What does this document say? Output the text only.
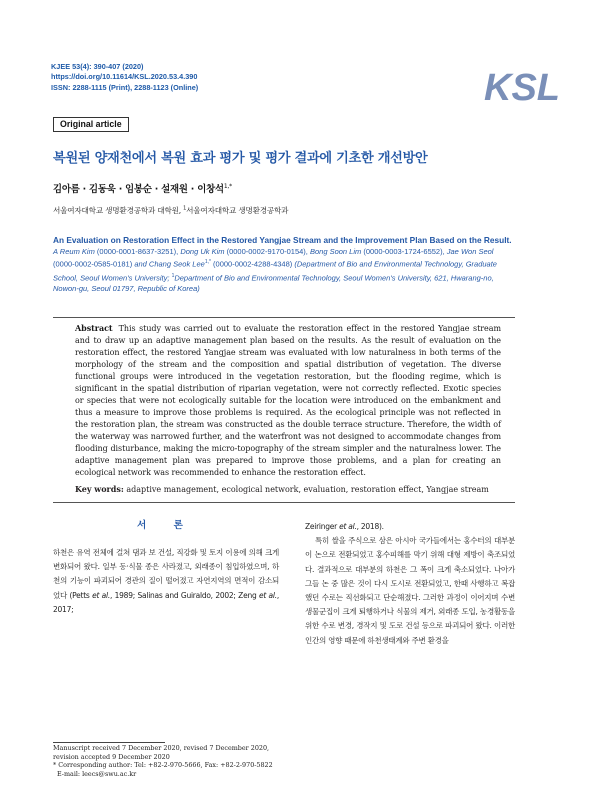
KJEE 53(4): 390-407 (2020)
https://doi.org/10.11614/KSL.2020.53.4.390
ISSN: 2288-1115 (Print), 2288-1123 (Online)	KSL
Original article
복원된 양재천에서 복원 효과 평가 및 평가 결과에 기초한 개선방안
김아름 · 김동욱 · 임봉순 · 설재원 · 이창석$^{1,*}$
서울여자대학교 생명환경공학과 대학원, $^1$서울여자대학교 생명환경공학과
An Evaluation on Restoration Effect in the Restored Yangjae Stream and the Improvement Plan Based on the Result. A Reum Kim (0000-0001-8637-3251), Dong Uk Kim (0000-0002-9170-0154), Bong Soon Lim (0000-0003-1724-6552), Jae Won Seol (0000-0002-0585-0181) and Chang Seok Lee$^{1,*}$ (0000-0002-4288-4348) (Department of Bio and Environmental Technology, Graduate School, Seoul Women's University; $^1$Department of Bio and Environmental Technology, Seoul Women's University, 621, Hwarang-no, Nowon-gu, Seoul 01797, Republic of Korea)
Abstract This study was carried out to evaluate the restoration effect in the restored Yangjae stream and to draw up an adaptive management plan based on the results. As the result of evaluation on the restoration effect, the restored Yangjae stream was evaluated with low naturalness in both terms of the morphology of the stream and the composition and spatial distribution of vegetation. The diverse functional groups were introduced in the vegetation restoration, but the flooding regime, which is significant in the spatial distribution of riparian vegetation, were not correctly reflected. Exotic species or species that were not ecologically suitable for the location were introduced on the embankment and thus a measure to improve those problems is required. As the ecological principle was not reflected in the restoration plan, the stream was constructed as the double terrace structure. Therefore, the width of the waterway was narrowed further, and the waterfront was not designed to accommodate changes from flooding disturbance, making the micro-topography of the stream simpler and the naturalness lower. The adaptive management plan was prepared to improve those problems, and a plan for creating an ecological network was recommended to enhance the restoration effect.
Key words: adaptive management, ecological network, evaluation, restoration effect, Yangjae stream
서 론
하천은 유역 전체에 걸쳐 댐과 보 건설, 직강화 및 토지 이용에 의해 크게 변화되어 왔다. 일부 동·식물 종은 사라졌고, 외래종이 침입하였으며, 하천의 기능이 파괴되어 경관의 질이 떨어졌고 자연지역의 면적이 감소되었다 (Petts et al., 1989; Salinas and Guiraldo, 2002; Zeng et al., 2017;
Zeiringer et al., 2018).
특히 쌀을 주식으로 삼은 아시아 국가들에서는 홍수터의 대부분이 논으로 전환되었고 홍수피해를 막기 위해 대형 제방이 축조되었다. 결과적으로 대부분의 하천은 그 폭이 크게 축소되었다. 나아가 그들 논 중 많은 것이 다시 도시로 전환되었고, 한때 사행하고 복잡했던 수로는 직선화되고 단순해졌다. 그러한 과정이 이어지며 수변 생물군집이 크게 퇴행하거나 식물의 제거, 외래종 도입, 농경활동을 위한 수로 변경, 경작지 및 도로 건설 등으로 파괴되어 왔다. 이러한 인간의 영향 때문에 하천생태계와 주변 환경을
Manuscript received 7 December 2020, revised 7 December 2020,
revision accepted 9 December 2020
* Corresponding author: Tel: +82-2-970-5666, Fax: +82-2-970-5822
E-mail: leecs@swu.ac.kr
